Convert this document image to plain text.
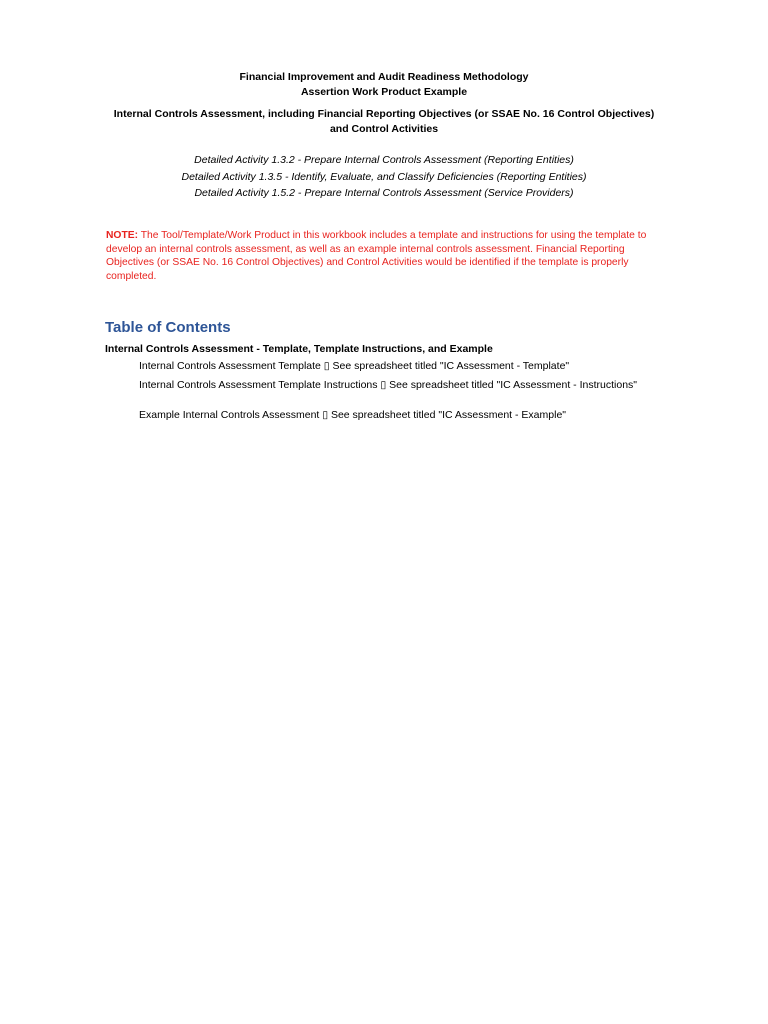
Financial Improvement and Audit Readiness Methodology
Assertion Work Product Example
Internal Controls Assessment, including Financial Reporting Objectives (or SSAE No. 16 Control Objectives)
and Control Activities
Detailed Activity 1.3.2 - Prepare Internal Controls Assessment (Reporting Entities)
Detailed Activity 1.3.5 - Identify, Evaluate, and Classify Deficiencies (Reporting Entities)
Detailed Activity 1.5.2 - Prepare Internal Controls Assessment (Service Providers)
NOTE: The Tool/Template/Work Product in this workbook includes a template and instructions for using the template to develop an internal controls assessment, as well as an example internal controls assessment. Financial Reporting Objectives (or SSAE No. 16 Control Objectives) and Control Activities would be identified if the template is properly completed.
Table of Contents
Internal Controls Assessment - Template, Template Instructions, and Example
Internal Controls Assessment Template ▯ See spreadsheet titled "IC Assessment - Template"
Internal Controls Assessment Template Instructions ▯ See spreadsheet titled "IC Assessment - Instructions"
Example Internal Controls Assessment ▯ See spreadsheet titled "IC Assessment - Example"
